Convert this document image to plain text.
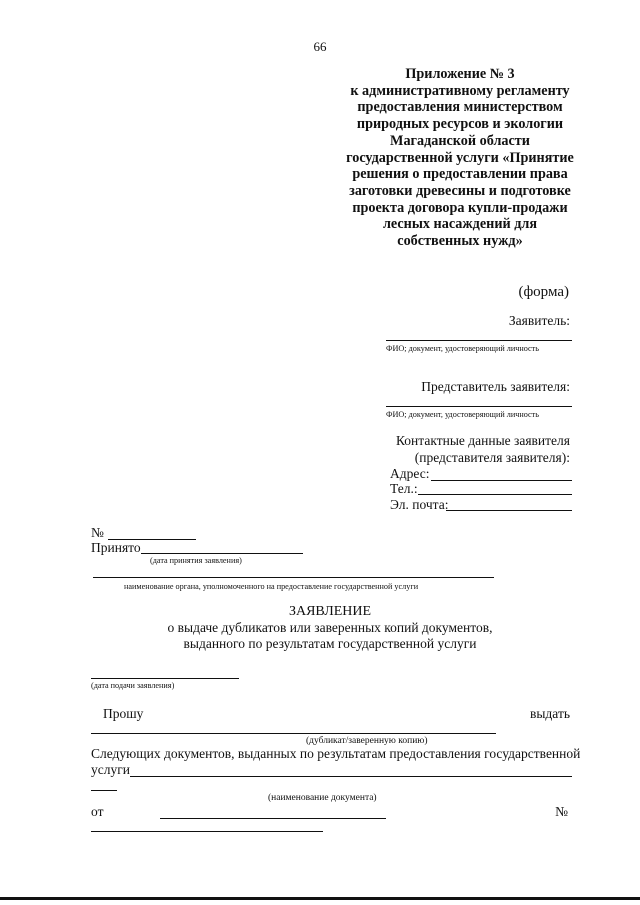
66
Приложение № 3
к административному регламенту
предоставления министерством
природных ресурсов и экологии
Магаданской области
государственной услуги «Принятие
решения о предоставлении права
заготовки древесины и подготовке
проекта договора купли-продажи
лесных насаждений для
собственных нужд»
(форма)
Заявитель:
ФИО; документ, удостоверяющий личность
Представитель заявителя:
ФИО; документ, удостоверяющий личность
Контактные данные заявителя
(представителя заявителя):
Адрес:
Тел.:
Эл. почта:
№
Принято
(дата принятия заявления)
наименование органа, уполномоченного на предоставление государственной услуги
ЗАЯВЛЕНИЕ
о выдаче дубликатов или заверенных копий документов,
выданного по результатам государственной услуги
(дата подачи заявления)
Прошу	выдать
(дубликат/заверенную копию)
Следующих документов, выданных по результатам предоставления государственной
услуги
(наименование документа)
от	№
